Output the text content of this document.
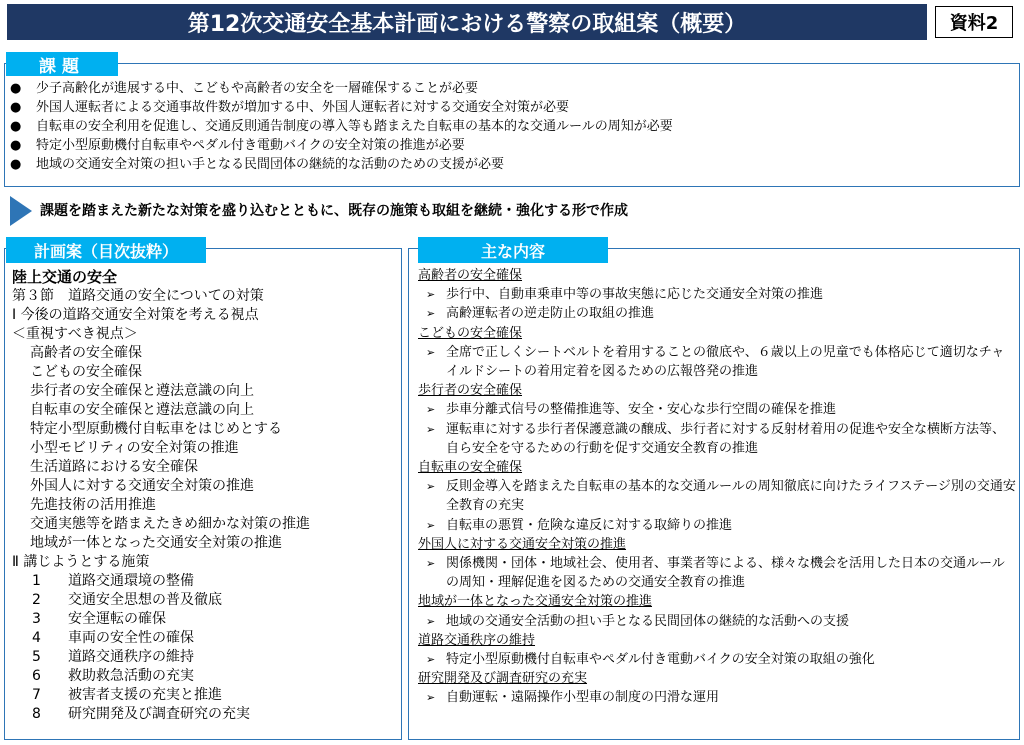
第12次交通安全基本計画における警察の取組案（概要）	資料2
課題
●	少子高齢化が進展する中、こどもや高齢者の安全を一層確保することが必要
●	外国人運転者による交通事故件数が増加する中、外国人運転者に対する交通安全対策が必要
●	自転車の安全利用を促進し、交通反則通告制度の導入等も踏まえた自転車の基本的な交通ルールの周知が必要
●	特定小型原動機付自転車やペダル付き電動バイクの安全対策の推進が必要
●	地域の交通安全対策の担い手となる民間団体の継続的な活動のための支援が必要
課題を踏まえた新たな対策を盛り込むとともに、既存の施策も取組を継続・強化する形で作成
計画案（目次抜粋）
陸上交通の安全
第３節　道路交通の安全についての対策
Ⅰ 今後の道路交通安全対策を考える視点
＜重視すべき視点＞
高齢者の安全確保
こどもの安全確保
歩行者の安全確保と遵法意識の向上
自転車の安全確保と遵法意識の向上
特定小型原動機付自転車をはじめとする
小型モビリティの安全対策の推進
生活道路における安全確保
外国人に対する交通安全対策の推進
先進技術の活用推進
交通実態等を踏まえたきめ細かな対策の推進
地域が一体となった交通安全対策の推進
Ⅱ 講じようとする施策
1 道路交通環境の整備
2 交通安全思想の普及徹底
3 安全運転の確保
4 車両の安全性の確保
5 道路交通秩序の維持
6 救助救急活動の充実
7 被害者支援の充実と推進
8 研究開発及び調査研究の充実
主な内容
高齢者の安全確保
➢ 歩行中、自動車乗車中等の事故実態に応じた交通安全対策の推進
➢ 高齢運転者の逆走防止の取組の推進
こどもの安全確保
➢ 全席で正しくシートベルトを着用することの徹底や、６歳以上の児童でも体格応じて適切なチャイルドシートの着用定着を図るための広報啓発の推進
歩行者の安全確保
➢ 歩車分離式信号の整備推進等、安全・安心な歩行空間の確保を推進
➢ 運転車に対する歩行者保護意識の醸成、歩行者に対する反射材着用の促進や安全な横断方法等、自ら安全を守るための行動を促す交通安全教育の推進
自転車の安全確保
➢ 反則金導入を踏まえた自転車の基本的な交通ルールの周知徹底に向けたライフステージ別の交通安全教育の充実
➢ 自転車の悪質・危険な違反に対する取締りの推進
外国人に対する交通安全対策の推進
➢ 関係機関・団体・地域社会、使用者、事業者等による、様々な機会を活用した日本の交通ルールの周知・理解促進を図るための交通安全教育の推進
地域が一体となった交通安全対策の推進
➢ 地域の交通安全活動の担い手となる民間団体の継続的な活動への支援
道路交通秩序の維持
➢ 特定小型原動機付自転車やペダル付き電動バイクの安全対策の取組の強化
研究開発及び調査研究の充実
➢ 自動運転・遠隔操作小型車の制度の円滑な運用
